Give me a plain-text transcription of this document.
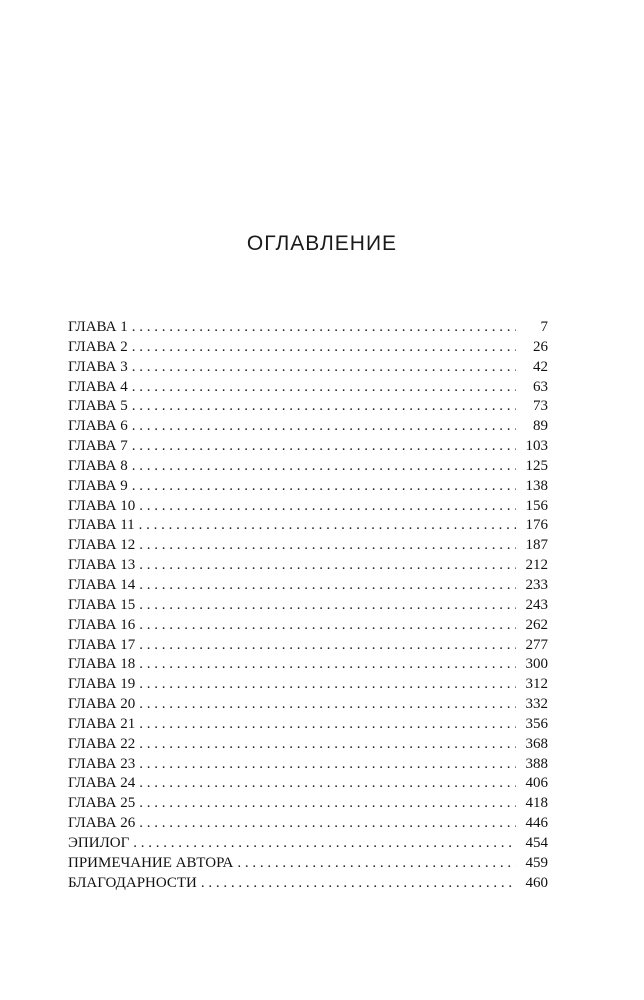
ОГЛАВЛЕНИЕ
ГЛАВА 1 . . .	7
ГЛАВА 2 . . .	26
ГЛАВА 3 . . .	42
ГЛАВА 4 . . .	63
ГЛАВА 5 . . .	73
ГЛАВА 6 . . .	89
ГЛАВА 7 . . .	103
ГЛАВА 8 . . .	125
ГЛАВА 9 . . .	138
ГЛАВА 10 . . .	156
ГЛАВА 11 . . .	176
ГЛАВА 12 . . .	187
ГЛАВА 13 . . .	212
ГЛАВА 14 . . .	233
ГЛАВА 15 . . .	243
ГЛАВА 16 . . .	262
ГЛАВА 17 . . .	277
ГЛАВА 18 . . .	300
ГЛАВА 19 . . .	312
ГЛАВА 20 . . .	332
ГЛАВА 21 . . .	356
ГЛАВА 22 . . .	368
ГЛАВА 23 . . .	388
ГЛАВА 24 . . .	406
ГЛАВА 25 . . .	418
ГЛАВА 26 . . .	446
ЭПИЛОГ . . .	454
ПРИМЕЧАНИЕ АВТОРА . . .	459
БЛАГОДАРНОСТИ . . .	460
